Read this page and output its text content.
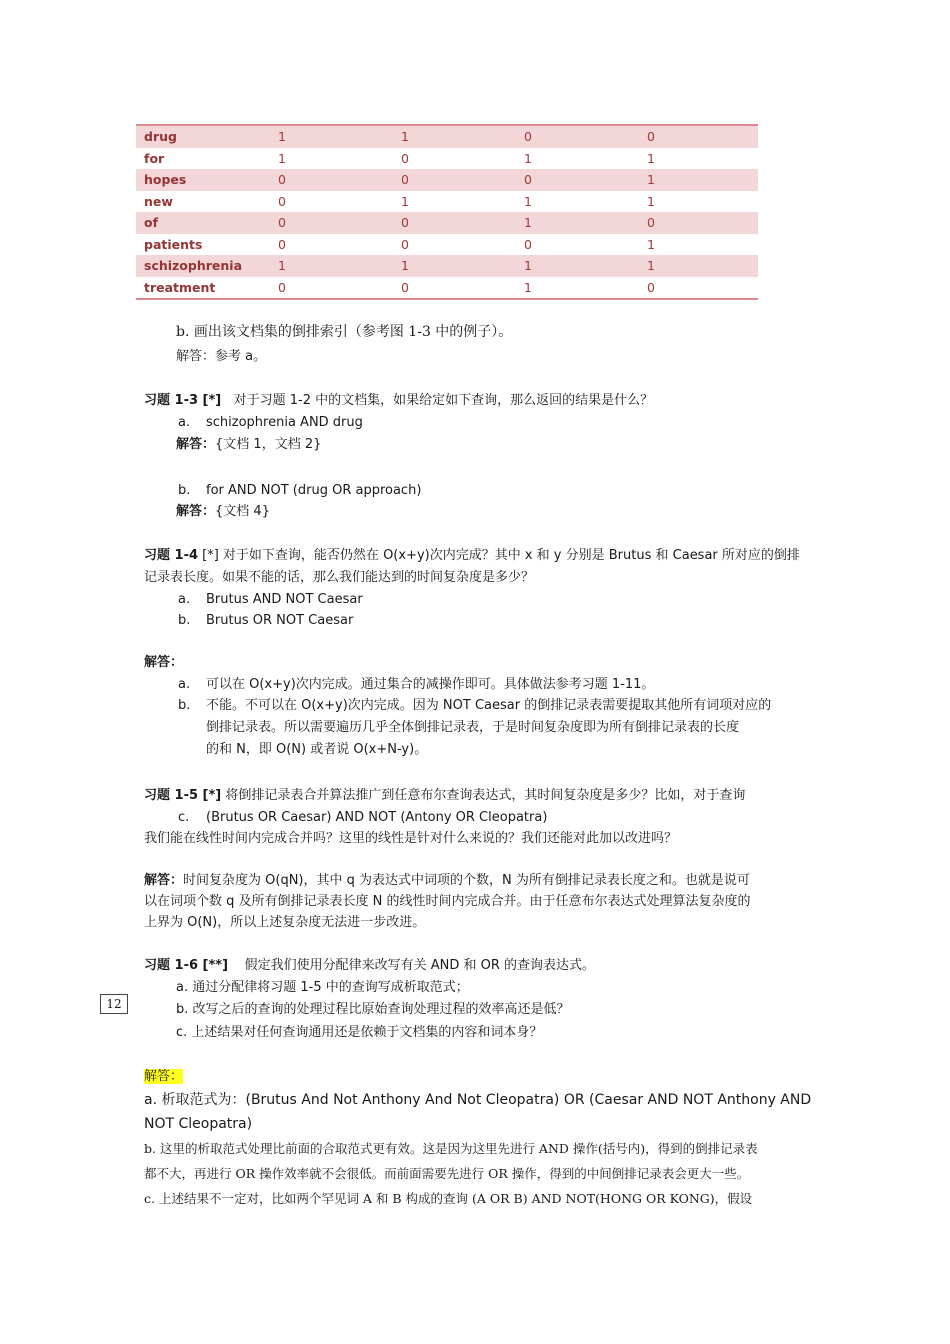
drug	1	1	0	0
for	1	0	1	1
hopes	0	0	0	1
new	0	1	1	1
of	0	0	1	0
patients	0	0	0	1
schizophrenia	1	1	1	1
treatment	0	0	1	0
b. 画出该文档集的倒排索引（参考图 1-3 中的例子）。
解答：参考 a。
习题 1-3 [*] 对于习题 1-2 中的文档集，如果给定如下查询，那么返回的结果是什么？
a. schizophrenia AND drug
解答：{文档 1，文档 2}
b. for AND NOT (drug OR approach)
解答：{文档 4}
习题 1-4 [*] 对于如下查询，能否仍然在 O(x+y)次内完成？其中 x 和 y 分别是 Brutus 和 Caesar 所对应的倒排
记录表长度。如果不能的话，那么我们能达到的时间复杂度是多少？
a. Brutus AND NOT Caesar
b. Brutus OR NOT Caesar
解答：
a. 可以在 O(x+y)次内完成。通过集合的减操作即可。具体做法参考习题 1-11。
b. 不能。不可以在 O(x+y)次内完成。因为 NOT Caesar 的倒排记录表需要提取其他所有词项对应的
倒排记录表。所以需要遍历几乎全体倒排记录表，于是时间复杂度即为所有倒排记录表的长度
的和 N，即 O(N) 或者说 O(x+N-y)。
习题 1-5 [*] 将倒排记录表合并算法推广到任意布尔查询表达式，其时间复杂度是多少？比如，对于查询
c. (Brutus OR Caesar) AND NOT (Antony OR Cleopatra)
我们能在线性时间内完成合并吗？这里的线性是针对什么来说的？我们还能对此加以改进吗？
解答：时间复杂度为 O(qN)，其中 q 为表达式中词项的个数，N 为所有倒排记录表长度之和。也就是说可
以在词项个数 q 及所有倒排记录表长度 N 的线性时间内完成合并。由于任意布尔表达式处理算法复杂度的
上界为 O(N)，所以上述复杂度无法进一步改进。
习题 1-6 [**] 假定我们使用分配律来改写有关 AND 和 OR 的查询表达式。
a. 通过分配律将习题 1-5 中的查询写成析取范式；
b. 改写之后的查询的处理过程比原始查询处理过程的效率高还是低？
c. 上述结果对任何查询通用还是依赖于文档集的内容和词本身？
12
解答：
a. 析取范式为：(Brutus And Not Anthony And Not Cleopatra) OR (Caesar AND NOT Anthony AND
NOT Cleopatra)
b. 这里的析取范式处理比前面的合取范式更有效。这是因为这里先进行 AND 操作(括号内)，得到的倒排记录表
都不大，再进行 OR 操作效率就不会很低。而前面需要先进行 OR 操作，得到的中间倒排记录表会更大一些。
c. 上述结果不一定对，比如两个罕见词 A 和 B 构成的查询 (A OR B) AND NOT(HONG OR KONG)，假设
